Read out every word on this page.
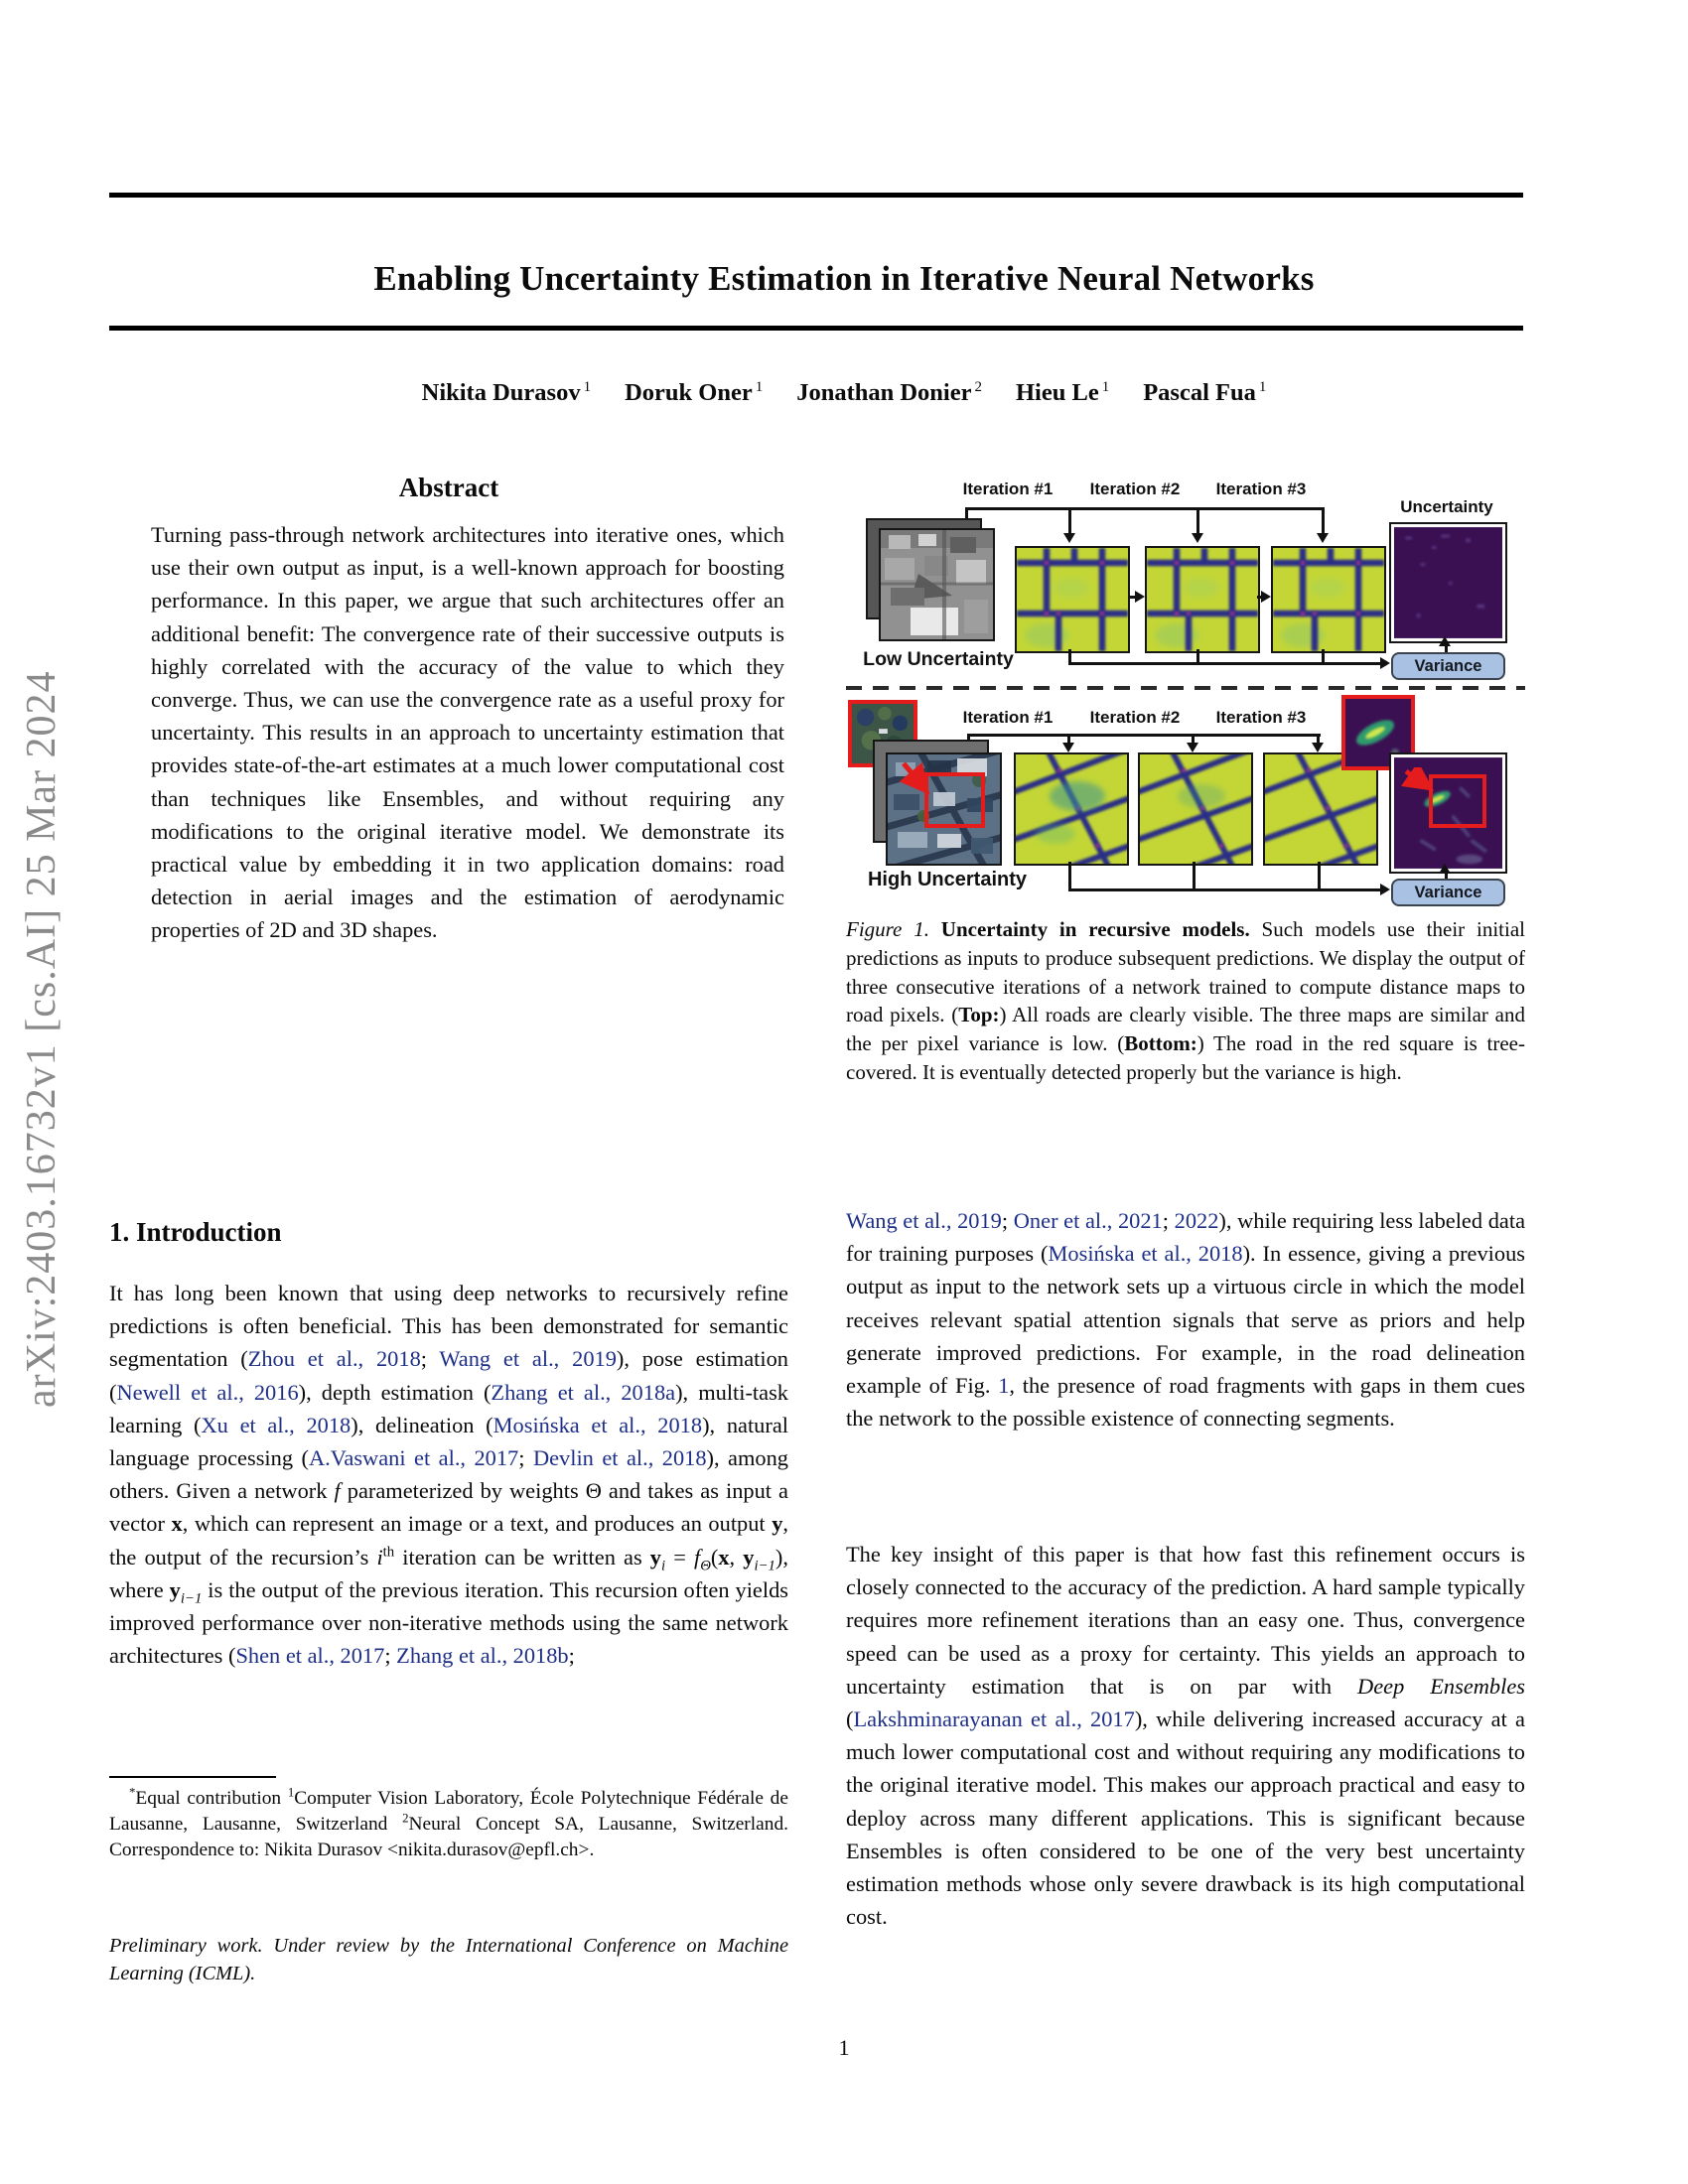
arXiv:2403.16732v1 [cs.AI] 25 Mar 2024
Enabling Uncertainty Estimation in Iterative Neural Networks
Nikita Durasov $^1$ Doruk Oner $^1$ Jonathan Donier $^2$ Hieu Le $^1$ Pascal Fua $^1$
Abstract
Turning pass-through network architectures into iterative ones, which use their own output as input, is a well-known approach for boosting performance. In this paper, we argue that such architectures offer an additional benefit: The convergence rate of their successive outputs is highly correlated with the accuracy of the value to which they converge. Thus, we can use the convergence rate as a useful proxy for uncertainty. This results in an approach to uncertainty estimation that provides state-of-the-art estimates at a much lower computational cost than techniques like Ensembles, and without requiring any modifications to the original iterative model. We demonstrate its practical value by embedding it in two application domains: road detection in aerial images and the estimation of aerodynamic properties of 2D and 3D shapes.
1. Introduction
It has long been known that using deep networks to recursively refine predictions is often beneficial. This has been demonstrated for semantic segmentation (Zhou et al., 2018; Wang et al., 2019), pose estimation (Newell et al., 2016), depth estimation (Zhang et al., 2018a), multi-task learning (Xu et al., 2018), delineation (Mosińska et al., 2018), natural language processing (A.Vaswani et al., 2017; Devlin et al., 2018), among others. Given a network f parameterized by weights Θ and takes as input a vector x, which can represent an image or a text, and produces an output y, the output of the recursion’s $i^{th}$ iteration can be written as $y_i = f_\Theta(x$, $y_{i-1}$), where $y_{i-1}$ is the output of the previous iteration. This recursion often yields improved performance over non-iterative methods using the same network architectures (Shen et al., 2017; Zhang et al., 2018b;
*Equal contribution $^1$Computer Vision Laboratory, École Polytechnique Fédérale de Lausanne, Lausanne, Switzerland $^2$Neural Concept SA, Lausanne, Switzerland. Correspondence to: Nikita Durasov <nikita.durasov@epfl.ch>.
Preliminary work. Under review by the International Conference on Machine Learning (ICML).
Iteration #1	Iteration #2	Iteration #3
Low Uncertainty
Uncertainty
Variance
Iteration #1	Iteration #2	Iteration #3
High Uncertainty
Variance
Figure 1. Uncertainty in recursive models. Such models use their initial predictions as inputs to produce subsequent predictions. We display the output of three consecutive iterations of a network trained to compute distance maps to road pixels. (Top:) All roads are clearly visible. The three maps are similar and the per pixel variance is low. (Bottom:) The road in the red square is tree-covered. It is eventually detected properly but the variance is high.
Wang et al., 2019; Oner et al., 2021; 2022), while requiring less labeled data for training purposes (Mosińska et al., 2018). In essence, giving a previous output as input to the network sets up a virtuous circle in which the model receives relevant spatial attention signals that serve as priors and help generate improved predictions. For example, in the road delineation example of Fig. 1, the presence of road fragments with gaps in them cues the network to the possible existence of connecting segments.
The key insight of this paper is that how fast this refinement occurs is closely connected to the accuracy of the prediction. A hard sample typically requires more refinement iterations than an easy one. Thus, convergence speed can be used as a proxy for certainty. This yields an approach to uncertainty estimation that is on par with Deep Ensembles (Lakshminarayanan et al., 2017), while delivering increased accuracy at a much lower computational cost and without requiring any modifications to the original iterative model. This makes our approach practical and easy to deploy across many different applications. This is significant because Ensembles is often considered to be one of the very best uncertainty estimation methods whose only severe drawback is its high computational cost.
1
